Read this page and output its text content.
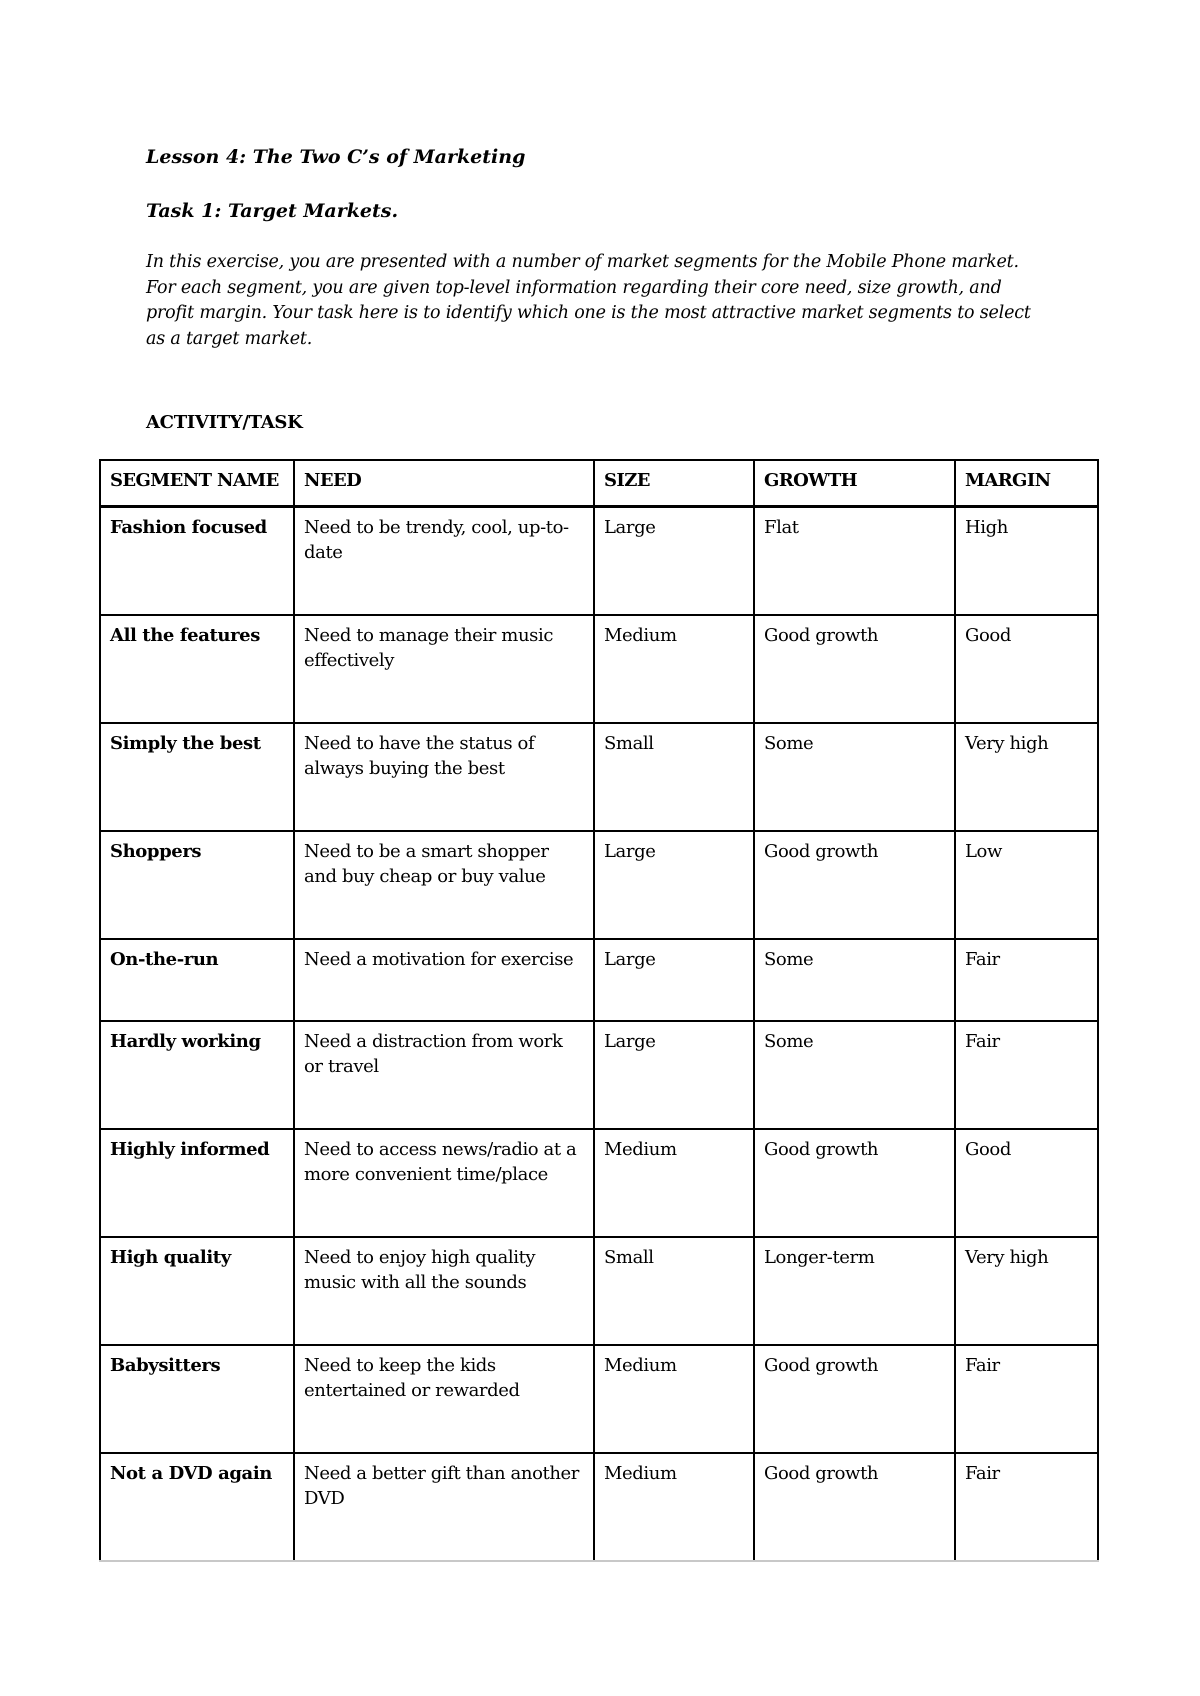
Lesson 4: The Two C’s of Marketing
Task 1: Target Markets.

In this exercise, you are presented with a number of market segments for the Mobile Phone market. For each segment, you are given top-level information regarding their core need, size growth, and profit margin. Your task here is to identify which one is the most attractive market segments to select as a target market.

ACTIVITY/TASK
SEGMENT NAME	NEED	SIZE	GROWTH	MARGIN
Fashion focused	Need to be trendy, cool, up-to-date	Large	Flat	High
All the features	Need to manage their music effectively	Medium	Good growth	Good
Simply the best	Need to have the status of always buying the best	Small	Some	Very high
Shoppers	Need to be a smart shopper and buy cheap or buy value	Large	Good growth	Low
On-the-run	Need a motivation for exercise	Large	Some	Fair
Hardly working	Need a distraction from work or travel	Large	Some	Fair
Highly informed	Need to access news/radio at a more convenient time/place	Medium	Good growth	Good
High quality	Need to enjoy high quality music with all the sounds	Small	Longer-term	Very high
Babysitters	Need to keep the kids entertained or rewarded	Medium	Good growth	Fair
Not a DVD again	Need a better gift than another DVD	Medium	Good growth	Fair
